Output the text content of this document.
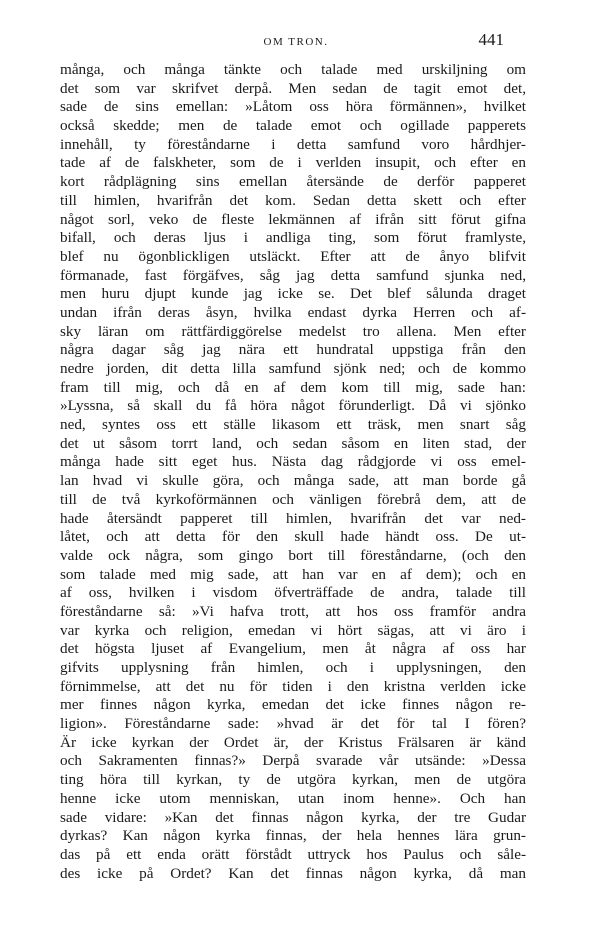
OM TRON.	441
många, och många tänkte och talade med urskiljning om
det som var skrifvet derpå. Men sedan de tagit emot det,
sade de sins emellan: »Låtom oss höra förmännen», hvilket
också skedde; men de talade emot och ogillade papperets
innehåll, ty föreståndarne i detta samfund voro hårdhjer-
tade af de falskheter, som de i verlden insupit, och efter en
kort rådplägning sins emellan återsände de derför papperet
till himlen, hvarifrån det kom. Sedan detta skett och efter
något sorl, veko de fleste lekmännen af ifrån sitt förut gifna
bifall, och deras ljus i andliga ting, som förut framlyste,
blef nu ögonblickligen utsläckt. Efter att de ånyo blifvit
förmanade, fast förgäfves, såg jag detta samfund sjunka ned,
men huru djupt kunde jag icke se. Det blef sålunda draget
undan ifrån deras åsyn, hvilka endast dyrka Herren och af-
sky läran om rättfärdiggörelse medelst tro allena. Men efter
några dagar såg jag nära ett hundratal uppstiga från den
nedre jorden, dit detta lilla samfund sjönk ned; och de kommo
fram till mig, och då en af dem kom till mig, sade han:
»Lyssna, så skall du få höra något förunderligt. Då vi sjönko
ned, syntes oss ett ställe likasom ett träsk, men snart såg
det ut såsom torrt land, och sedan såsom en liten stad, der
många hade sitt eget hus. Nästa dag rådgjorde vi oss emel-
lan hvad vi skulle göra, och många sade, att man borde gå
till de två kyrkoförmännen och vänligen förebrå dem, att de
hade återsändt papperet till himlen, hvarifrån det var ned-
låtet, och att detta för den skull hade händt oss. De ut-
valde ock några, som gingo bort till föreståndarne, (och den
som talade med mig sade, att han var en af dem); och en
af oss, hvilken i visdom öfverträffade de andra, talade till
föreståndarne så: »Vi hafva trott, att hos oss framför andra
var kyrka och religion, emedan vi hört sägas, att vi äro i
det högsta ljuset af Evangelium, men åt några af oss har
gifvits upplysning från himlen, och i upplysningen, den
förnimmelse, att det nu för tiden i den kristna verlden icke
mer finnes någon kyrka, emedan det icke finnes någon re-
ligion». Föreståndarne sade: »hvad är det för tal I fören?
Är icke kyrkan der Ordet är, der Kristus Frälsaren är känd
och Sakramenten finnas?» Derpå svarade vår utsände: »Dessa
ting höra till kyrkan, ty de utgöra kyrkan, men de utgöra
henne icke utom menniskan, utan inom henne». Och han
sade vidare: »Kan det finnas någon kyrka, der tre Gudar
dyrkas? Kan någon kyrka finnas, der hela hennes lära grun-
das på ett enda orätt förstådt uttryck hos Paulus och såle-
des icke på Ordet? Kan det finnas någon kyrka, då man
